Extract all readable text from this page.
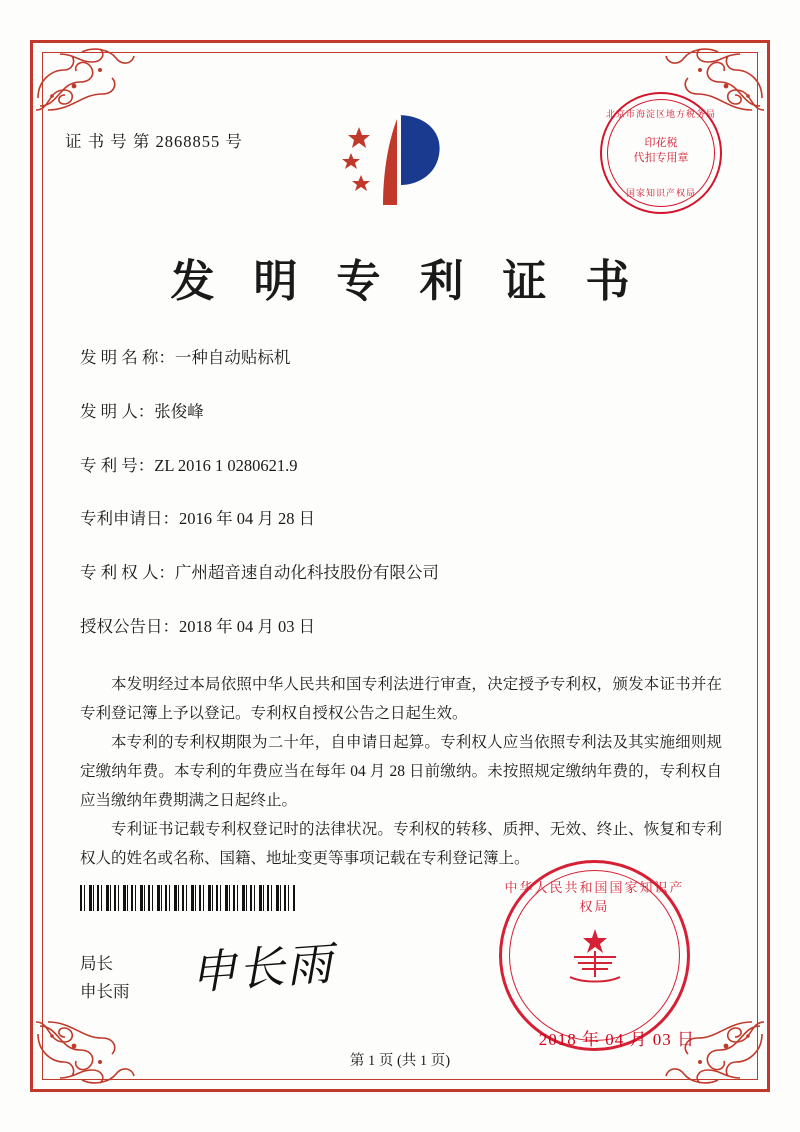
证 书 号 第 2868855 号
北京市海淀区地方税务局
印花税
代扣专用章
国家知识产权局
发 明 专 利 证 书
发 明 名 称：一种自动贴标机
发 明 人：张俊峰
专 利 号：ZL 2016 1 0280621.9
专利申请日：2016 年 04 月 28 日
专 利 权 人：广州超音速自动化科技股份有限公司
授权公告日：2018 年 04 月 03 日

本发明经过本局依照中华人民共和国专利法进行审查，决定授予专利权，颁发本证书并在专利登记簿上予以登记。专利权自授权公告之日起生效。

本专利的专利权期限为二十年，自申请日起算。专利权人应当依照专利法及其实施细则规定缴纳年费。本专利的年费应当在每年 04 月 28 日前缴纳。未按照规定缴纳年费的，专利权自应当缴纳年费期满之日起终止。

专利证书记载专利权登记时的法律状况。专利权的转移、质押、无效、终止、恢复和专利权人的姓名或名称、国籍、地址变更等事项记载在专利登记簿上。

局长
申长雨 申长雨
中华人民共和国国家知识产权局
2018 年 04 月 03 日
第 1 页 (共 1 页)
